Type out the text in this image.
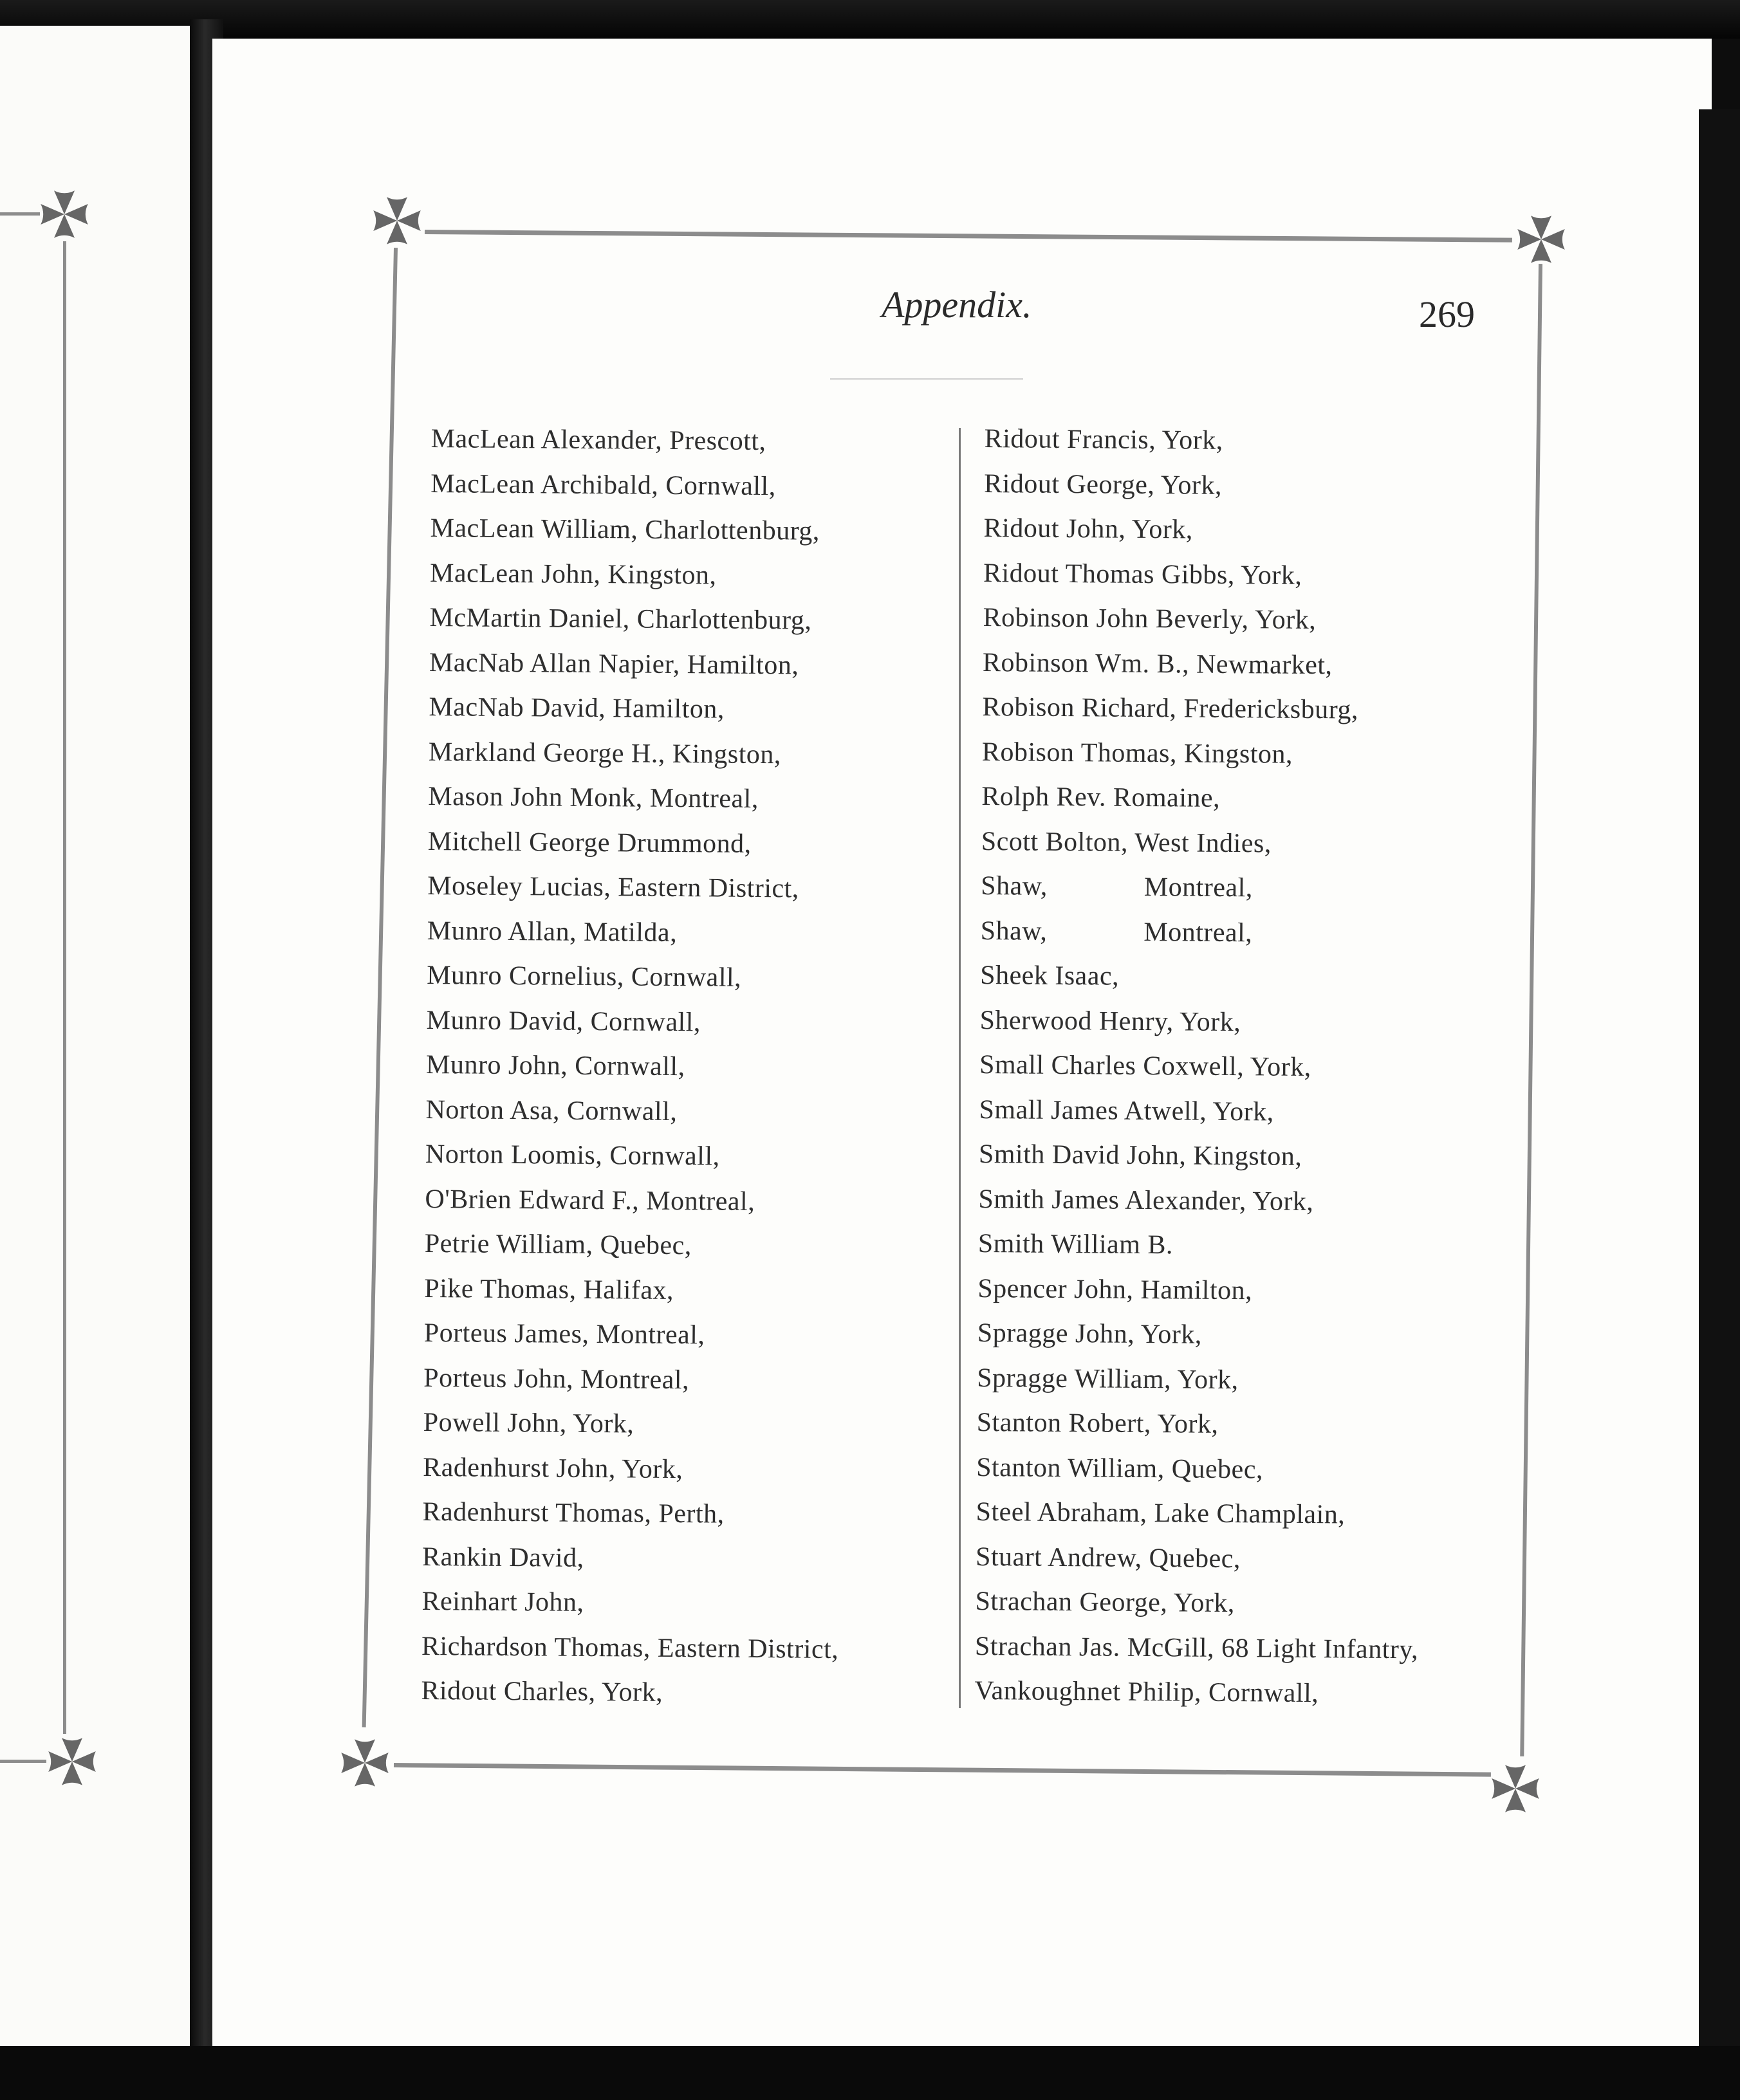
Appendix.	269
MacLean Alexander, Prescott,
MacLean Archibald, Cornwall,
MacLean William, Charlottenburg,
MacLean John, Kingston,
McMartin Daniel, Charlottenburg,
MacNab Allan Napier, Hamilton,
MacNab David, Hamilton,
Markland George H., Kingston,
Mason John Monk, Montreal,
Mitchell George Drummond,
Moseley Lucias, Eastern District,
Munro Allan, Matilda,
Munro Cornelius, Cornwall,
Munro David, Cornwall,
Munro John, Cornwall,
Norton Asa, Cornwall,
Norton Loomis, Cornwall,
O'Brien Edward F., Montreal,
Petrie William, Quebec,
Pike Thomas, Halifax,
Porteus James, Montreal,
Porteus John, Montreal,
Powell John, York,
Radenhurst John, York,
Radenhurst Thomas, Perth,
Rankin David,
Reinhart John,
Richardson Thomas, Eastern District,
Ridout Charles, York,
Ridout Francis, York,
Ridout George, York,
Ridout John, York,
Ridout Thomas Gibbs, York,
Robinson John Beverly, York,
Robinson Wm. B., Newmarket,
Robison Richard, Fredericksburg,
Robison Thomas, Kingston,
Rolph Rev. Romaine,
Scott Bolton, West Indies,
Shaw,	Montreal,
Shaw,	Montreal,
Sheek Isaac,
Sherwood Henry, York,
Small Charles Coxwell, York,
Small James Atwell, York,
Smith David John, Kingston,
Smith James Alexander, York,
Smith William B.
Spencer John, Hamilton,
Spragge John, York,
Spragge William, York,
Stanton Robert, York,
Stanton William, Quebec,
Steel Abraham, Lake Champlain,
Stuart Andrew, Quebec,
Strachan George, York,
Strachan Jas. McGill, 68 Light Infantry,
Vankoughnet Philip, Cornwall,
